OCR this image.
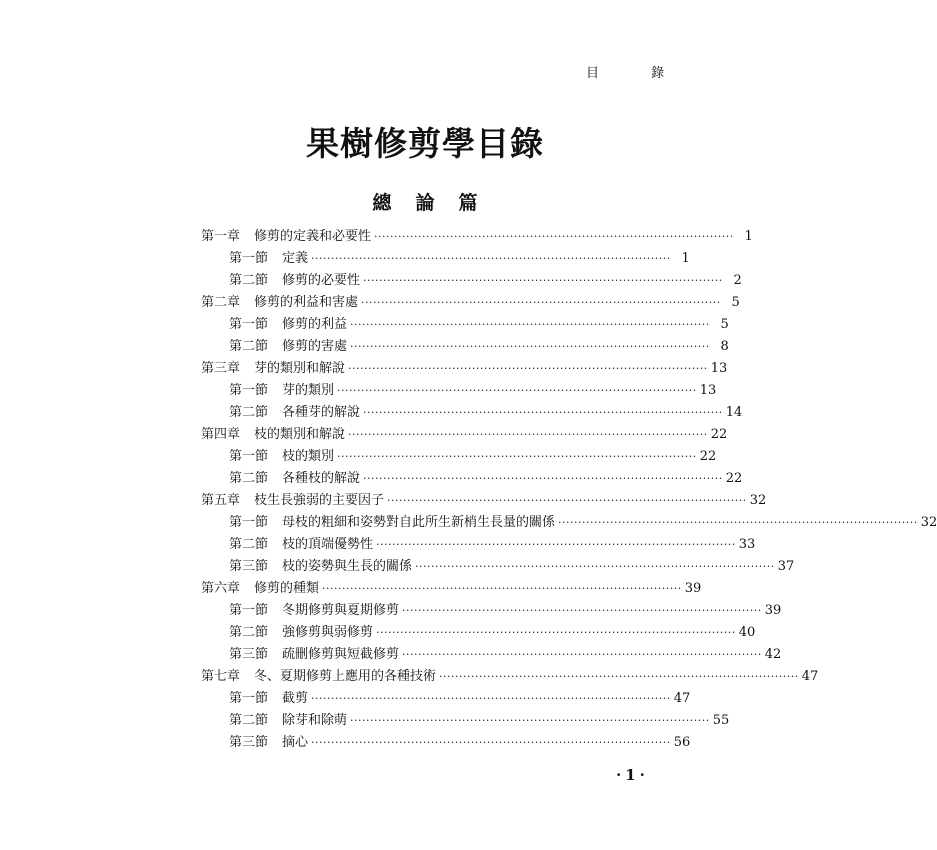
目 錄
果樹修剪學目錄
總論篇
第一章 修剪的定義和必要性 ·························································································· 1
第一節 定義 ·························································································· 1
第二節 修剪的必要性 ·························································································· 2
第二章 修剪的利益和害處 ·························································································· 5
第一節 修剪的利益 ·························································································· 5
第二節 修剪的害處 ·························································································· 8
第三章 芽的類別和解說 ·························································································· 13
第一節 芽的類別 ·························································································· 13
第二節 各種芽的解說 ·························································································· 14
第四章 枝的類別和解說 ·························································································· 22
第一節 枝的類別 ·························································································· 22
第二節 各種枝的解說 ·························································································· 22
第五章 枝生長強弱的主要因子 ·························································································· 32
第一節 母枝的粗細和姿勢對自此所生新梢生長量的關係 ·························································································· 32
第二節 枝的頂端優勢性 ·························································································· 33
第三節 枝的姿勢與生長的關係 ·························································································· 37
第六章 修剪的種類 ·························································································· 39
第一節 冬期修剪與夏期修剪 ·························································································· 39
第二節 強修剪與弱修剪 ·························································································· 40
第三節 疏刪修剪與短截修剪 ·························································································· 42
第七章 冬、夏期修剪上應用的各種技術 ·························································································· 47
第一節 截剪 ·························································································· 47
第二節 除芽和除萌 ·························································································· 55
第三節 摘心 ·························································································· 56
·1·
